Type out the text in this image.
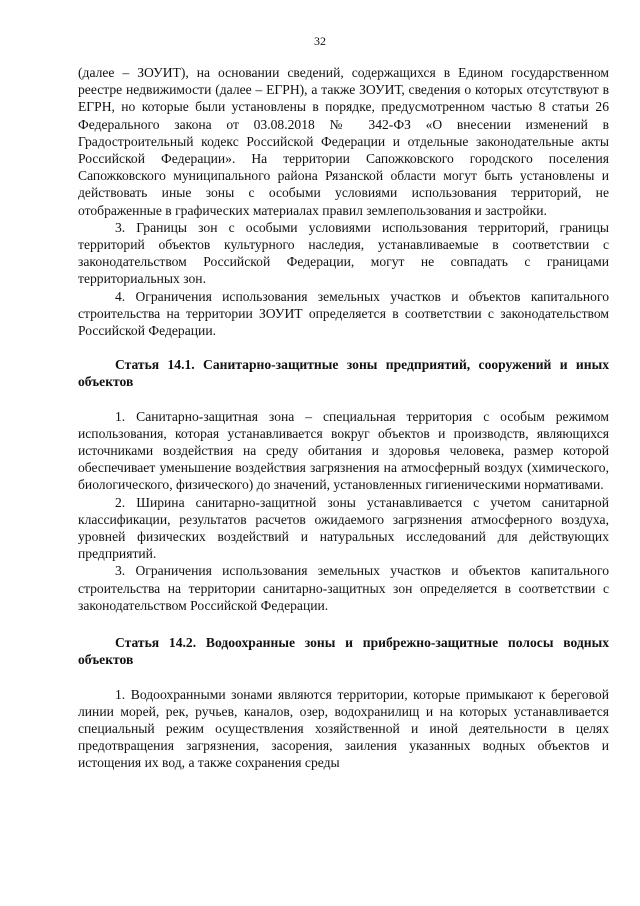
32

(далее – ЗОУИТ), на основании сведений, содержащихся в Едином государственном реестре недвижимости (далее – ЕГРН), а также ЗОУИТ, сведения о которых отсутствуют в ЕГРН, но которые были установлены в порядке, предусмотренном частью 8 статьи 26 Федерального закона от 03.08.2018 № 342-ФЗ «О внесении изменений в Градостроительный кодекс Российской Федерации и отдельные законодательные акты Российской Федерации». На территории Сапожковского городского поселения Сапожковского муниципального района Рязанской области могут быть установлены и действовать иные зоны с особыми условиями использования территорий, не отображенные в графических материалах правил землепользования и застройки.

3. Границы зон с особыми условиями использования территорий, границы территорий объектов культурного наследия, устанавливаемые в соответствии с законодательством Российской Федерации, могут не совпадать с границами территориальных зон.

4. Ограничения использования земельных участков и объектов капитального строительства на территории ЗОУИТ определяется в соответствии с законодательством Российской Федерации.

Статья 14.1. Санитарно-защитные зоны предприятий, сооружений и иных объектов

1. Санитарно-защитная зона – специальная территория с особым режимом использования, которая устанавливается вокруг объектов и производств, являющихся источниками воздействия на среду обитания и здоровья человека, размер которой обеспечивает уменьшение воздействия загрязнения на атмосферный воздух (химического, биологического, физического) до значений, установленных гигиеническими нормативами.

2. Ширина санитарно-защитной зоны устанавливается с учетом санитарной классификации, результатов расчетов ожидаемого загрязнения атмосферного воздуха, уровней физических воздействий и натуральных исследований для действующих предприятий.

3. Ограничения использования земельных участков и объектов капитального строительства на территории санитарно-защитных зон определяется в соответствии с законодательством Российской Федерации.

Статья 14.2. Водоохранные зоны и прибрежно-защитные полосы водных объектов

1. Водоохранными зонами являются территории, которые примыкают к береговой линии морей, рек, ручьев, каналов, озер, водохранилищ и на которых устанавливается специальный режим осуществления хозяйственной и иной деятельности в целях предотвращения загрязнения, засорения, заиления указанных водных объектов и истощения их вод, а также сохранения среды
